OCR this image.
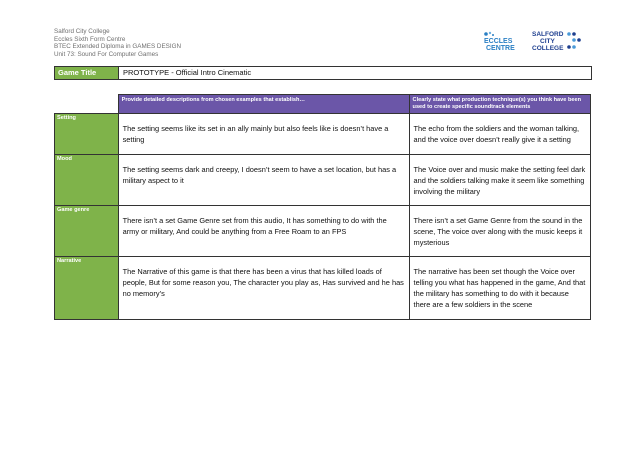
Salford City College
Eccles Sixth Form Centre
BTEC Extended Diploma in GAMES DESIGN
Unit 73: Sound For Computer Games
ECCLES
CENTRE
SALFORD
CITY
COLLEGE
Game Title	PROTOTYPE - Official Intro Cinematic
	Provide detailed descriptions from chosen examples that establish…	Clearly state what production technique(s) you think have been used to create specific soundtrack elements
Setting	The setting seems like its set in an ally mainly but also feels like is doesn’t have a setting	The echo from the soldiers and the woman talking, and the voice over doesn’t really give it a setting

Mood	The setting seems dark and creepy, I doesn’t seem to have a set location, but has a military aspect to it	The Voice over and music make the setting feel dark and the soldiers talking make it seem like something involving the military

Game genre	There isn’t a set Game Genre set from this audio, It has something to do with the army or military, And could be anything from a Free Roam to an FPS	There isn’t a set Game Genre from the sound in the scene, The voice over along with the music keeps it mysterious

Narrative	The Narrative of this game is that there has been a virus that has killed loads of people, But for some reason you, The character you play as, Has survived and he has no memory’s	The narrative has been set though the Voice over telling you what has happened in the game, And that the military has something to do with it because there are a few soldiers in the scene
